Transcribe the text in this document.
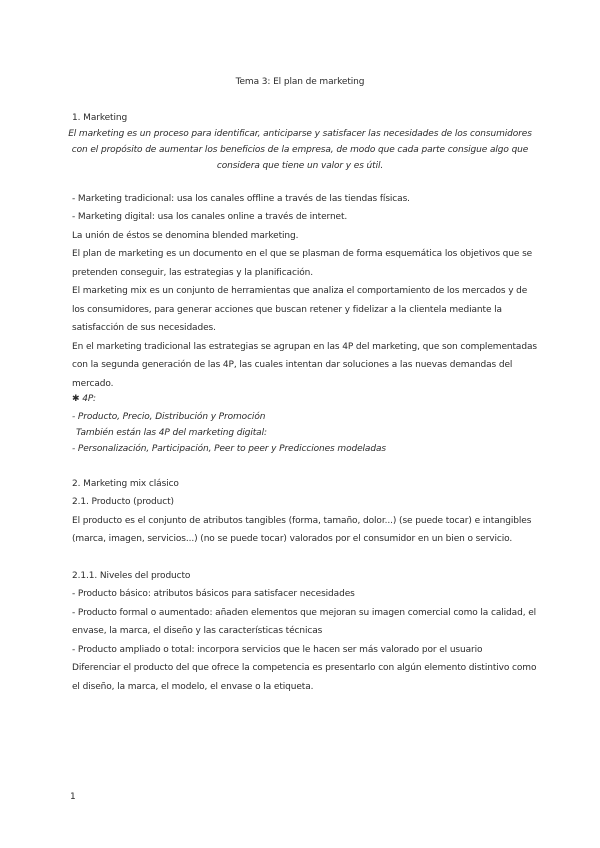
Tema 3: El plan de marketing
1. Marketing
El marketing es un proceso para identificar, anticiparse y satisfacer las necesidades de los consumidores
con el propósito de aumentar los beneficios de la empresa, de modo que cada parte consigue algo que
considera que tiene un valor y es útil.
- Marketing tradicional: usa los canales offline a través de las tiendas físicas.
- Marketing digital: usa los canales online a través de internet.
La unión de éstos se denomina blended marketing.
El plan de marketing es un documento en el que se plasman de forma esquemática los objetivos que se
pretenden conseguir, las estrategias y la planificación.
El marketing mix es un conjunto de herramientas que analiza el comportamiento de los mercados y de
los consumidores, para generar acciones que buscan retener y fidelizar a la clientela mediante la
satisfacción de sus necesidades.
En el marketing tradicional las estrategias se agrupan en las 4P del marketing, que son complementadas
con la segunda generación de las 4P, las cuales intentan dar soluciones a las nuevas demandas del
mercado.
✱ 4P:
- Producto, Precio, Distribución y Promoción
También están las 4P del marketing digital:
- Personalización, Participación, Peer to peer y Predicciones modeladas
2. Marketing mix clásico
2.1. Producto (product)
El producto es el conjunto de atributos tangibles (forma, tamaño, dolor...) (se puede tocar) e intangibles
(marca, imagen, servicios...) (no se puede tocar) valorados por el consumidor en un bien o servicio.
2.1.1. Niveles del producto
- Producto básico: atributos básicos para satisfacer necesidades
- Producto formal o aumentado: añaden elementos que mejoran su imagen comercial como la calidad, el
envase, la marca, el diseño y las características técnicas
- Producto ampliado o total: incorpora servicios que le hacen ser más valorado por el usuario
Diferenciar el producto del que ofrece la competencia es presentarlo con algún elemento distintivo como
el diseño, la marca, el modelo, el envase o la etiqueta.
1
